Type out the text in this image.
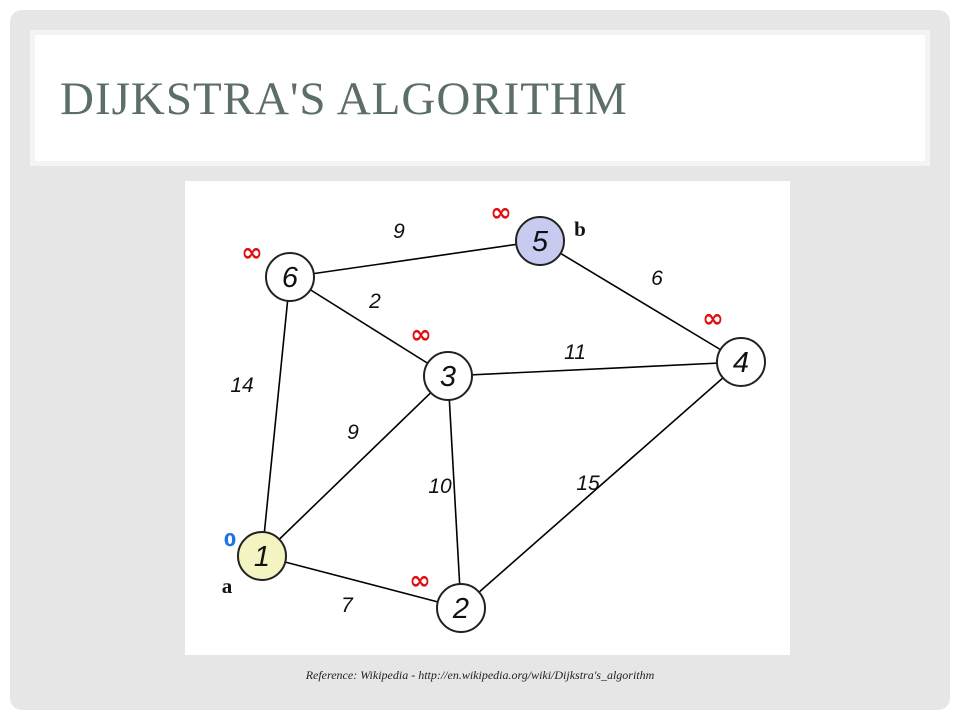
DIJKSTRA'S ALGORITHM
9
6
2
11
14
9
10	15
7
1
0
a
2
∞
3
∞
4
∞
5
∞
b
6
∞
Reference: Wikipedia - http://en.wikipedia.org/wiki/Dijkstra's_algorithm
